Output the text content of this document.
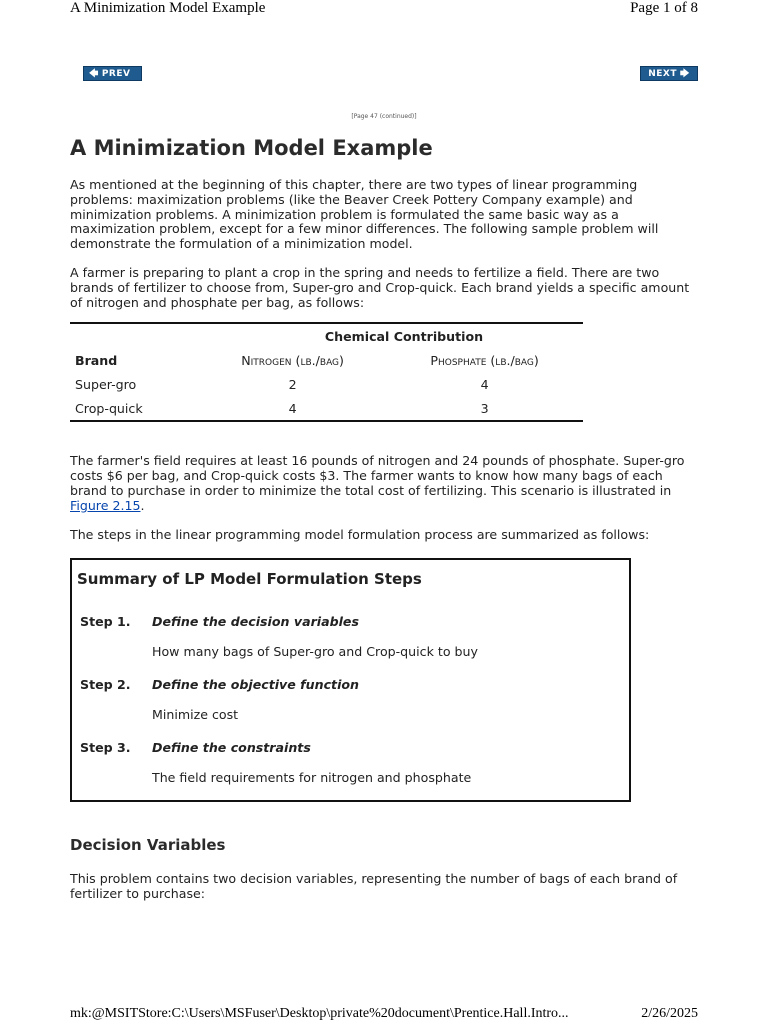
A Minimization Model Example	Page 1 of 8
🡄 PREV	NEXT 🡆
[Page 47 (continued)]
A Minimization Model Example

As mentioned at the beginning of this chapter, there are two types of linear programming problems: maximization problems (like the Beaver Creek Pottery Company example) and minimization problems. A minimization problem is formulated the same basic way as a maximization problem, except for a few minor differences. The following sample problem will demonstrate the formulation of a minimization model.

A farmer is preparing to plant a crop in the spring and needs to fertilize a field. There are two brands of fertilizer to choose from, Super-gro and Crop-quick. Each brand yields a specific amount of nitrogen and phosphate per bag, as follows:

Chemical Contribution		
Brand	Nitrogen (lb./bag)	Phosphate (lb./bag)
Super-gro	2	4
Crop-quick	4	3

The farmer's field requires at least 16 pounds of nitrogen and 24 pounds of phosphate. Super-gro costs $6 per bag, and Crop-quick costs $3. The farmer wants to know how many bags of each brand to purchase in order to minimize the total cost of fertilizing. This scenario is illustrated in Figure 2.15.

The steps in the linear programming model formulation process are summarized as follows:

Summary of LP Model Formulation Steps
Step 1. Define the decision variables
How many bags of Super-gro and Crop-quick to buy
Step 2. Define the objective function
Minimize cost
Step 3. Define the constraints
The field requirements for nitrogen and phosphate
Decision Variables

This problem contains two decision variables, representing the number of bags of each brand of fertilizer to purchase:

mk:@MSITStore:C:\Users\MSFuser\Desktop\private%20document\Prentice.Hall.Intro...	2/26/2025
